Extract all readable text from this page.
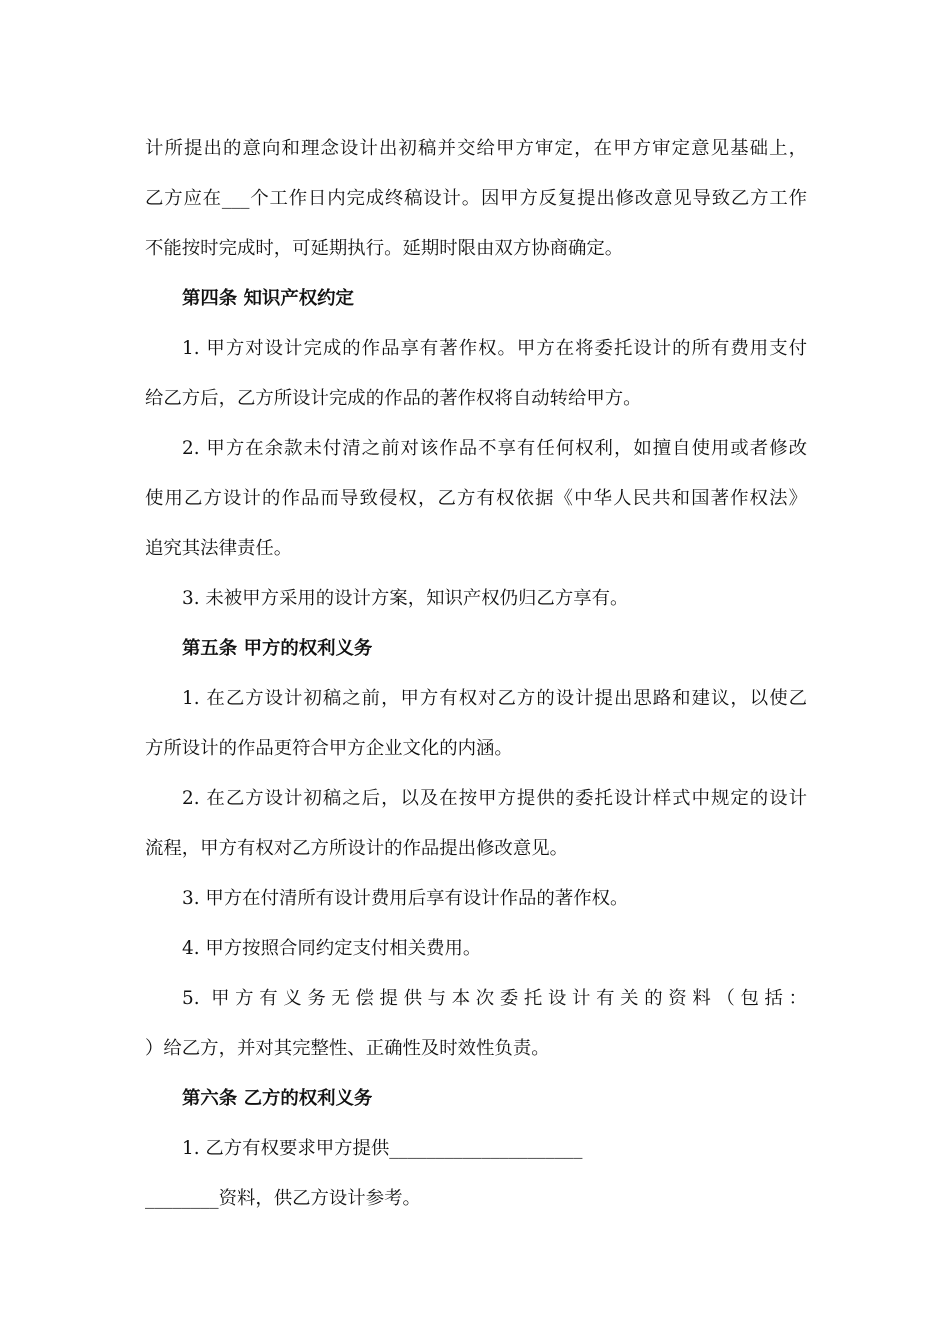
计所提出的意向和理念设计出初稿并交给甲方审定，在甲方审定意见基础上，
乙方应在___个工作日内完成终稿设计。因甲方反复提出修改意见导致乙方工作
不能按时完成时，可延期执行。延期时限由双方协商确定。
第四条 知识产权约定
1. 甲方对设计完成的作品享有著作权。甲方在将委托设计的所有费用支付
给乙方后，乙方所设计完成的作品的著作权将自动转给甲方。
2. 甲方在余款未付清之前对该作品不享有任何权利，如擅自使用或者修改
使用乙方设计的作品而导致侵权，乙方有权依据《中华人民共和国著作权法》
追究其法律责任。
3. 未被甲方采用的设计方案，知识产权仍归乙方享有。
第五条 甲方的权利义务
1. 在乙方设计初稿之前，甲方有权对乙方的设计提出思路和建议，以使乙
方所设计的作品更符合甲方企业文化的内涵。
2. 在乙方设计初稿之后，以及在按甲方提供的委托设计样式中规定的设计
流程，甲方有权对乙方所设计的作品提出修改意见。
3. 甲方在付清所有设计费用后享有设计作品的著作权。
4. 甲方按照合同约定支付相关费用。
5. 甲方有义务无偿提供与本次委托设计有关的资料（包括：
）给乙方，并对其完整性、正确性及时效性负责。
第六条 乙方的权利义务
1. 乙方有权要求甲方提供_____________________
________资料，供乙方设计参考。
